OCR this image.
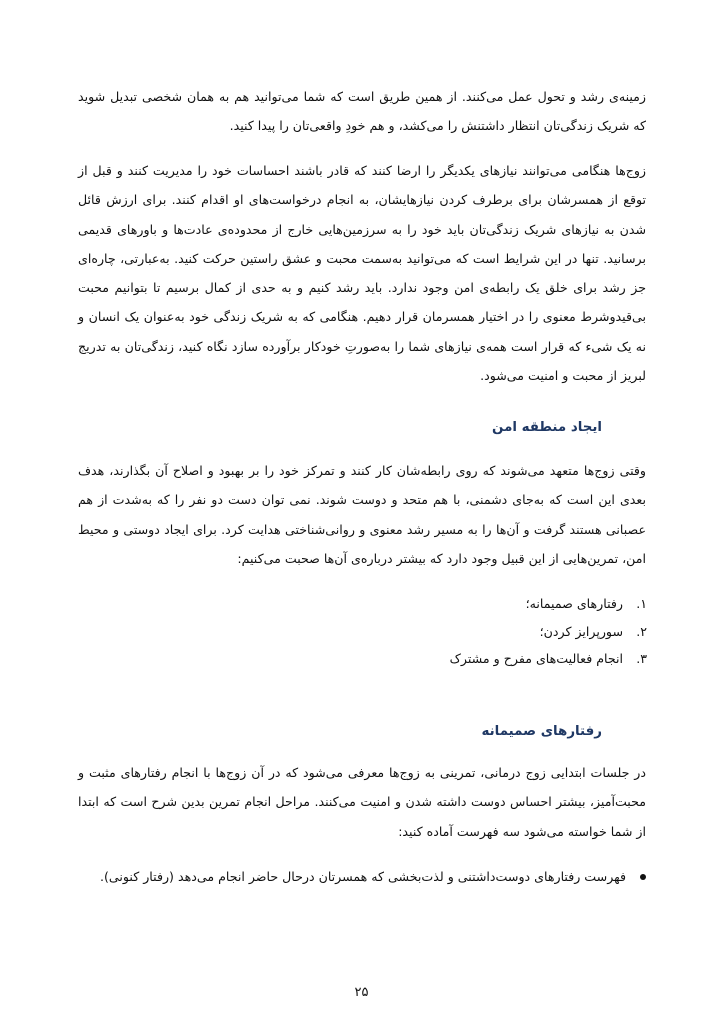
زمینه‌ی رشد و تحول عمل می‌کنند. از همین طریق است که شما می‌توانید هم به همان شخصی تبدیل شوید که شریک زندگی‌تان انتظار داشتنش را می‌کشد، و هم خودِ واقعی‌تان را پیدا کنید.

زوج‌ها هنگامی می‌توانند نیازهای یکدیگر را ارضا کنند که قادر باشند احساسات خود را مدیریت کنند و قبل از توقع از همسرشان برای برطرف کردن نیازهایشان، به انجام درخواست‌های او اقدام کنند. برای ارزش قائل شدن به نیازهای شریک زندگی‌تان باید خود را به سرزمین‌هایی خارج از محدوده‌ی عادت‌ها و باورهای قدیمی برسانید. تنها در این شرایط است که می‌توانید به‌سمت محبت و عشق راستین حرکت کنید. به‌عبارتی، چاره‌ای جز رشد برای خلق یک رابطه‌ی امن وجود ندارد. باید رشد کنیم و به حدی از کمال برسیم تا بتوانیم محبت بی‌قیدوشرط معنوی را در اختیار همسرمان قرار دهیم. هنگامی که به شریک زندگی خود به‌عنوان یک انسان و نه یک شیء که قرار است همه‌ی نیازهای شما را به‌صورتِ خودکار برآورده سازد نگاه کنید، زندگی‌تان به تدریج لبریز از محبت و امنیت می‌شود.

ایجاد منطقه امن

وقتی زوج‌ها متعهد می‌شوند که روی رابطه‌شان کار کنند و تمرکز خود را بر بهبود و اصلاح آن بگذارند، هدف بعدی این است که به‌جای دشمنی، با هم متحد و دوست شوند. نمی توان دست دو نفر را که به‌شدت از هم عصبانی هستند گرفت و آن‌ها را به مسیر رشد معنوی و روانی‌شناختی هدایت کرد. برای ایجاد دوستی و محیط امن، تمرین‌هایی از این قبیل وجود دارد که بیشتر درباره‌ی آن‌ها صحبت می‌کنیم:

۱.
رفتارهای صمیمانه؛
۲.
سورپرایز کردن؛
۳.
انجام فعالیت‌های مفرح و مشترک
رفتارهای صمیمانه

در جلسات ابتدایی زوج درمانی، تمرینی به زوج‌ها معرفی می‌شود که در آن زوج‌ها با انجام رفتارهای مثبت و محبت‌آمیز، بیشتر احساس دوست داشته شدن و امنیت می‌کنند. مراحل انجام تمرین بدین شرح است که ابتدا از شما خواسته می‌شود سه فهرست آماده کنید:

فهرست رفتارهای دوست‌داشتنی و لذت‌بخشی که همسرتان درحال حاضر انجام می‌دهد (رفتار کنونی).
۲۵
